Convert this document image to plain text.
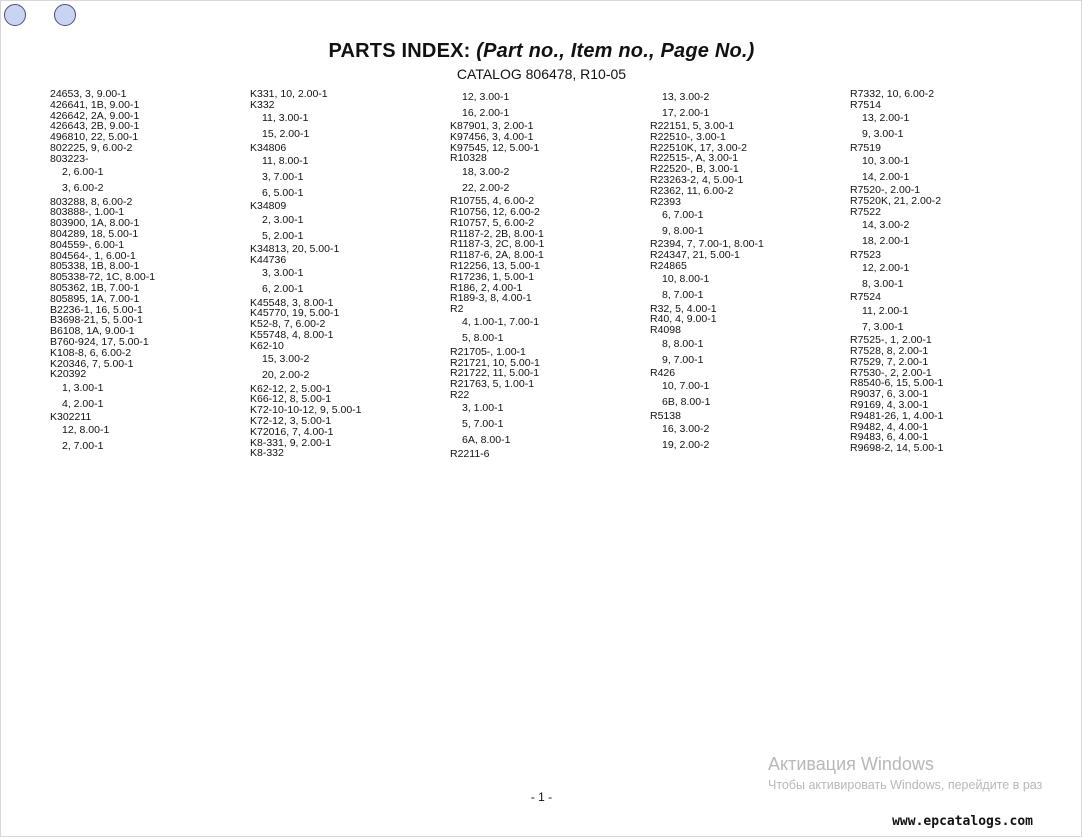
PARTS INDEX: (Part no., Item no., Page No.)
CATALOG 806478, R10-05
24653, 3, 9.00-1
426641, 1B, 9.00-1
426642, 2A, 9.00-1
426643, 2B, 9.00-1
496810, 22, 5.00-1
802225, 9, 6.00-2
803223-
2, 6.00-1
3, 6.00-2
803288, 8, 6.00-2
803888-, 1.00-1
803900, 1A, 8.00-1
804289, 18, 5.00-1
804559-, 6.00-1
804564-, 1, 6.00-1
805338, 1B, 8.00-1
805338-72, 1C, 8.00-1
805362, 1B, 7.00-1
805895, 1A, 7.00-1
B2236-1, 16, 5.00-1
B3698-21, 5, 5.00-1
B6108, 1A, 9.00-1
B760-924, 17, 5.00-1
K108-8, 6, 6.00-2
K20346, 7, 5.00-1
K20392
1, 3.00-1
4, 2.00-1
K302211
12, 8.00-1
2, 7.00-1
K331, 10, 2.00-1
K332
11, 3.00-1
15, 2.00-1
K34806
11, 8.00-1
3, 7.00-1
6, 5.00-1
K34809
2, 3.00-1
5, 2.00-1
K34813, 20, 5.00-1
K44736
3, 3.00-1
6, 2.00-1
K45548, 3, 8.00-1
K45770, 19, 5.00-1
K52-8, 7, 6.00-2
K55748, 4, 8.00-1
K62-10
15, 3.00-2
20, 2.00-2
K62-12, 2, 5.00-1
K66-12, 8, 5.00-1
K72-10-10-12, 9, 5.00-1
K72-12, 3, 5.00-1
K72016, 7, 4.00-1
K8-331, 9, 2.00-1
K8-332
12, 3.00-1
16, 2.00-1
K87901, 3, 2.00-1
K97456, 3, 4.00-1
K97545, 12, 5.00-1
R10328
18, 3.00-2
22, 2.00-2
R10755, 4, 6.00-2
R10756, 12, 6.00-2
R10757, 5, 6.00-2
R1187-2, 2B, 8.00-1
R1187-3, 2C, 8.00-1
R1187-6, 2A, 8.00-1
R12256, 13, 5.00-1
R17236, 1, 5.00-1
R186, 2, 4.00-1
R189-3, 8, 4.00-1
R2
4, 1.00-1, 7.00-1
5, 8.00-1
R21705-, 1.00-1
R21721, 10, 5.00-1
R21722, 11, 5.00-1
R21763, 5, 1.00-1
R22
3, 1.00-1
5, 7.00-1
6A, 8.00-1
R2211-6
13, 3.00-2
17, 2.00-1
R22151, 5, 3.00-1
R22510-, 3.00-1
R22510K, 17, 3.00-2
R22515-, A, 3.00-1
R22520-, B, 3.00-1
R23263-2, 4, 5.00-1
R2362, 11, 6.00-2
R2393
6, 7.00-1
9, 8.00-1
R2394, 7, 7.00-1, 8.00-1
R24347, 21, 5.00-1
R24865
10, 8.00-1
8, 7.00-1
R32, 5, 4.00-1
R40, 4, 9.00-1
R4098
8, 8.00-1
9, 7.00-1
R426
10, 7.00-1
6B, 8.00-1
R5138
16, 3.00-2
19, 2.00-2
R7332, 10, 6.00-2
R7514
13, 2.00-1
9, 3.00-1
R7519
10, 3.00-1
14, 2.00-1
R7520-, 2.00-1
R7520K, 21, 2.00-2
R7522
14, 3.00-2
18, 2.00-1
R7523
12, 2.00-1
8, 3.00-1
R7524
11, 2.00-1
7, 3.00-1
R7525-, 1, 2.00-1
R7528, 8, 2.00-1
R7529, 7, 2.00-1
R7530-, 2, 2.00-1
R8540-6, 15, 5.00-1
R9037, 6, 3.00-1
R9169, 4, 3.00-1
R9481-26, 1, 4.00-1
R9482, 4, 4.00-1
R9483, 6, 4.00-1
R9698-2, 14, 5.00-1
- 1 -
Активация Windows
Чтобы активировать Windows, перейдите в раз
www.epcatalogs.com
